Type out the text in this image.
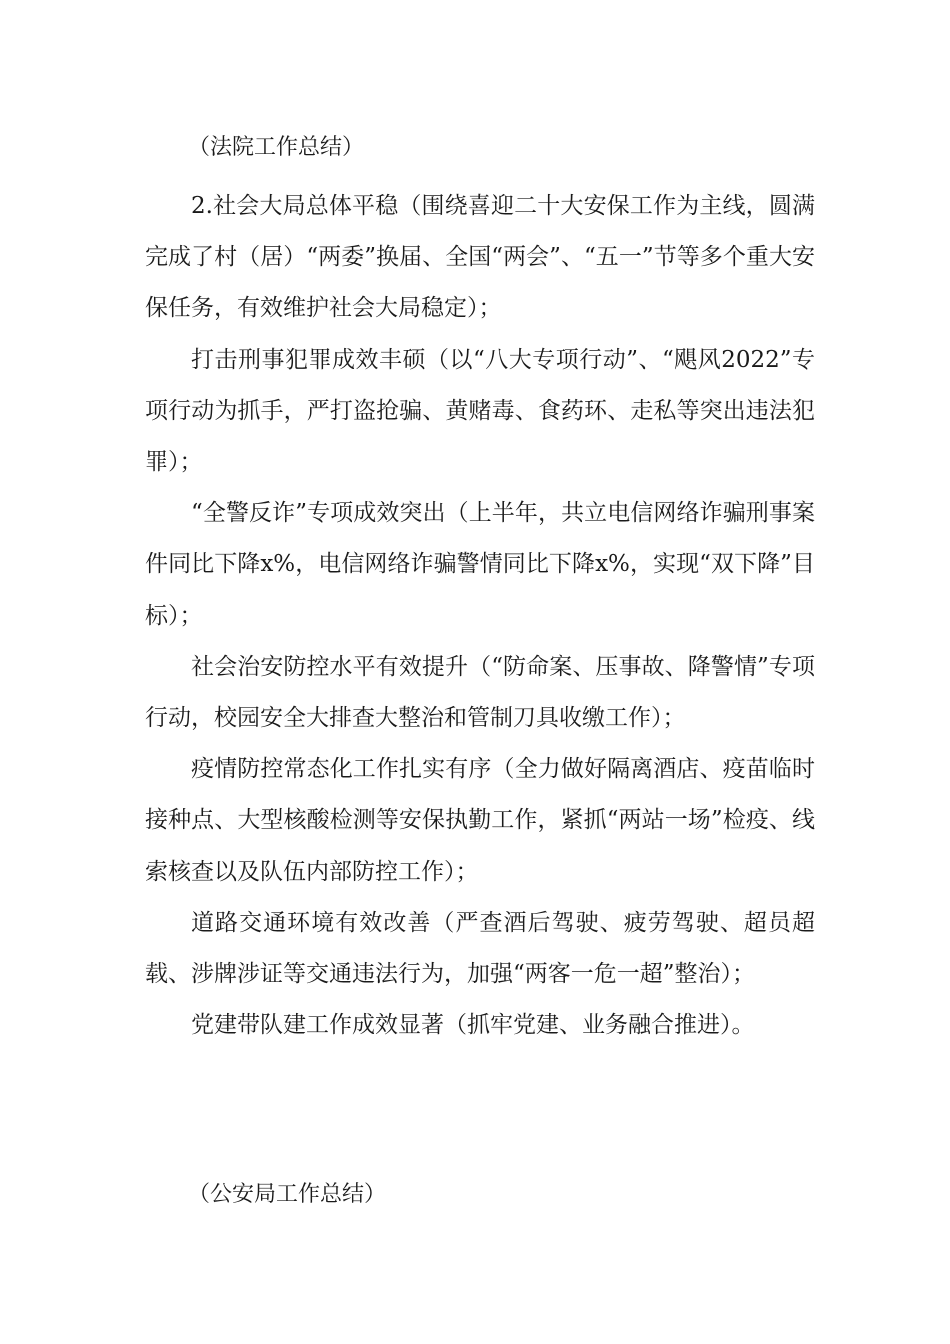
（法院工作总结）

2.社会大局总体平稳（围绕喜迎二十大安保工作为主线，圆满完成了村（居）“两委”换届、全国“两会”、“五一”节等多个重大安保任务，有效维护社会大局稳定）；

打击刑事犯罪成效丰硕（以“八大专项行动”、“飓风2022”专项行动为抓手，严打盗抢骗、黄赌毒、食药环、走私等突出违法犯罪）；

“全警反诈”专项成效突出（上半年，共立电信网络诈骗刑事案件同比下降x%，电信网络诈骗警情同比下降x%，实现“双下降”目标）；

社会治安防控水平有效提升（“防命案、压事故、降警情”专项行动，校园安全大排查大整治和管制刀具收缴工作）；

疫情防控常态化工作扎实有序（全力做好隔离酒店、疫苗临时接种点、大型核酸检测等安保执勤工作，紧抓“两站一场”检疫、线索核查以及队伍内部防控工作）；

道路交通环境有效改善（严查酒后驾驶、疲劳驾驶、超员超载、涉牌涉证等交通违法行为，加强“两客一危一超”整治）；

党建带队建工作成效显著（抓牢党建、业务融合推进）。

（公安局工作总结）
